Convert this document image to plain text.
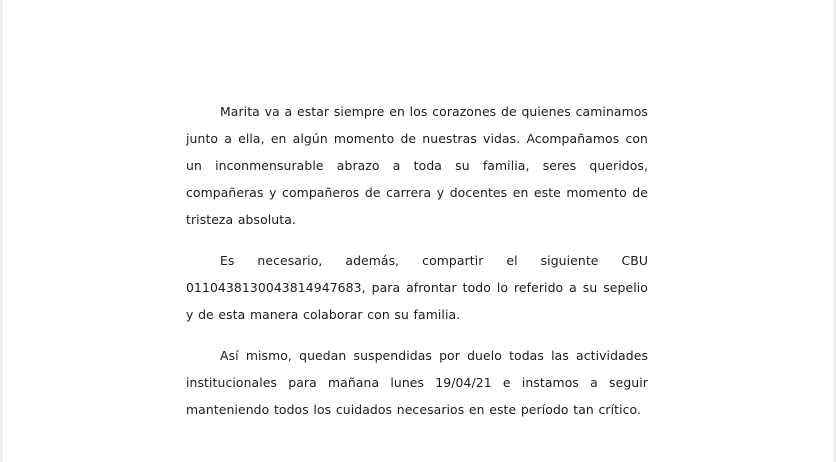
Marita va a estar siempre en los corazones de quienes caminamos junto a ella, en algún momento de nuestras vidas. Acompañamos con un inconmensurable abrazo a toda su familia, seres queridos, compañeras y compañeros de carrera y docentes en este momento de tristeza absoluta.

Es necesario, además, compartir el siguiente CBU 0110438130043814947683, para afrontar todo lo referido a su sepelio y de esta manera colaborar con su familia.

Así mismo, quedan suspendidas por duelo todas las actividades institucionales para mañana lunes 19/04/21 e instamos a seguir manteniendo todos los cuidados necesarios en este período tan crítico.
